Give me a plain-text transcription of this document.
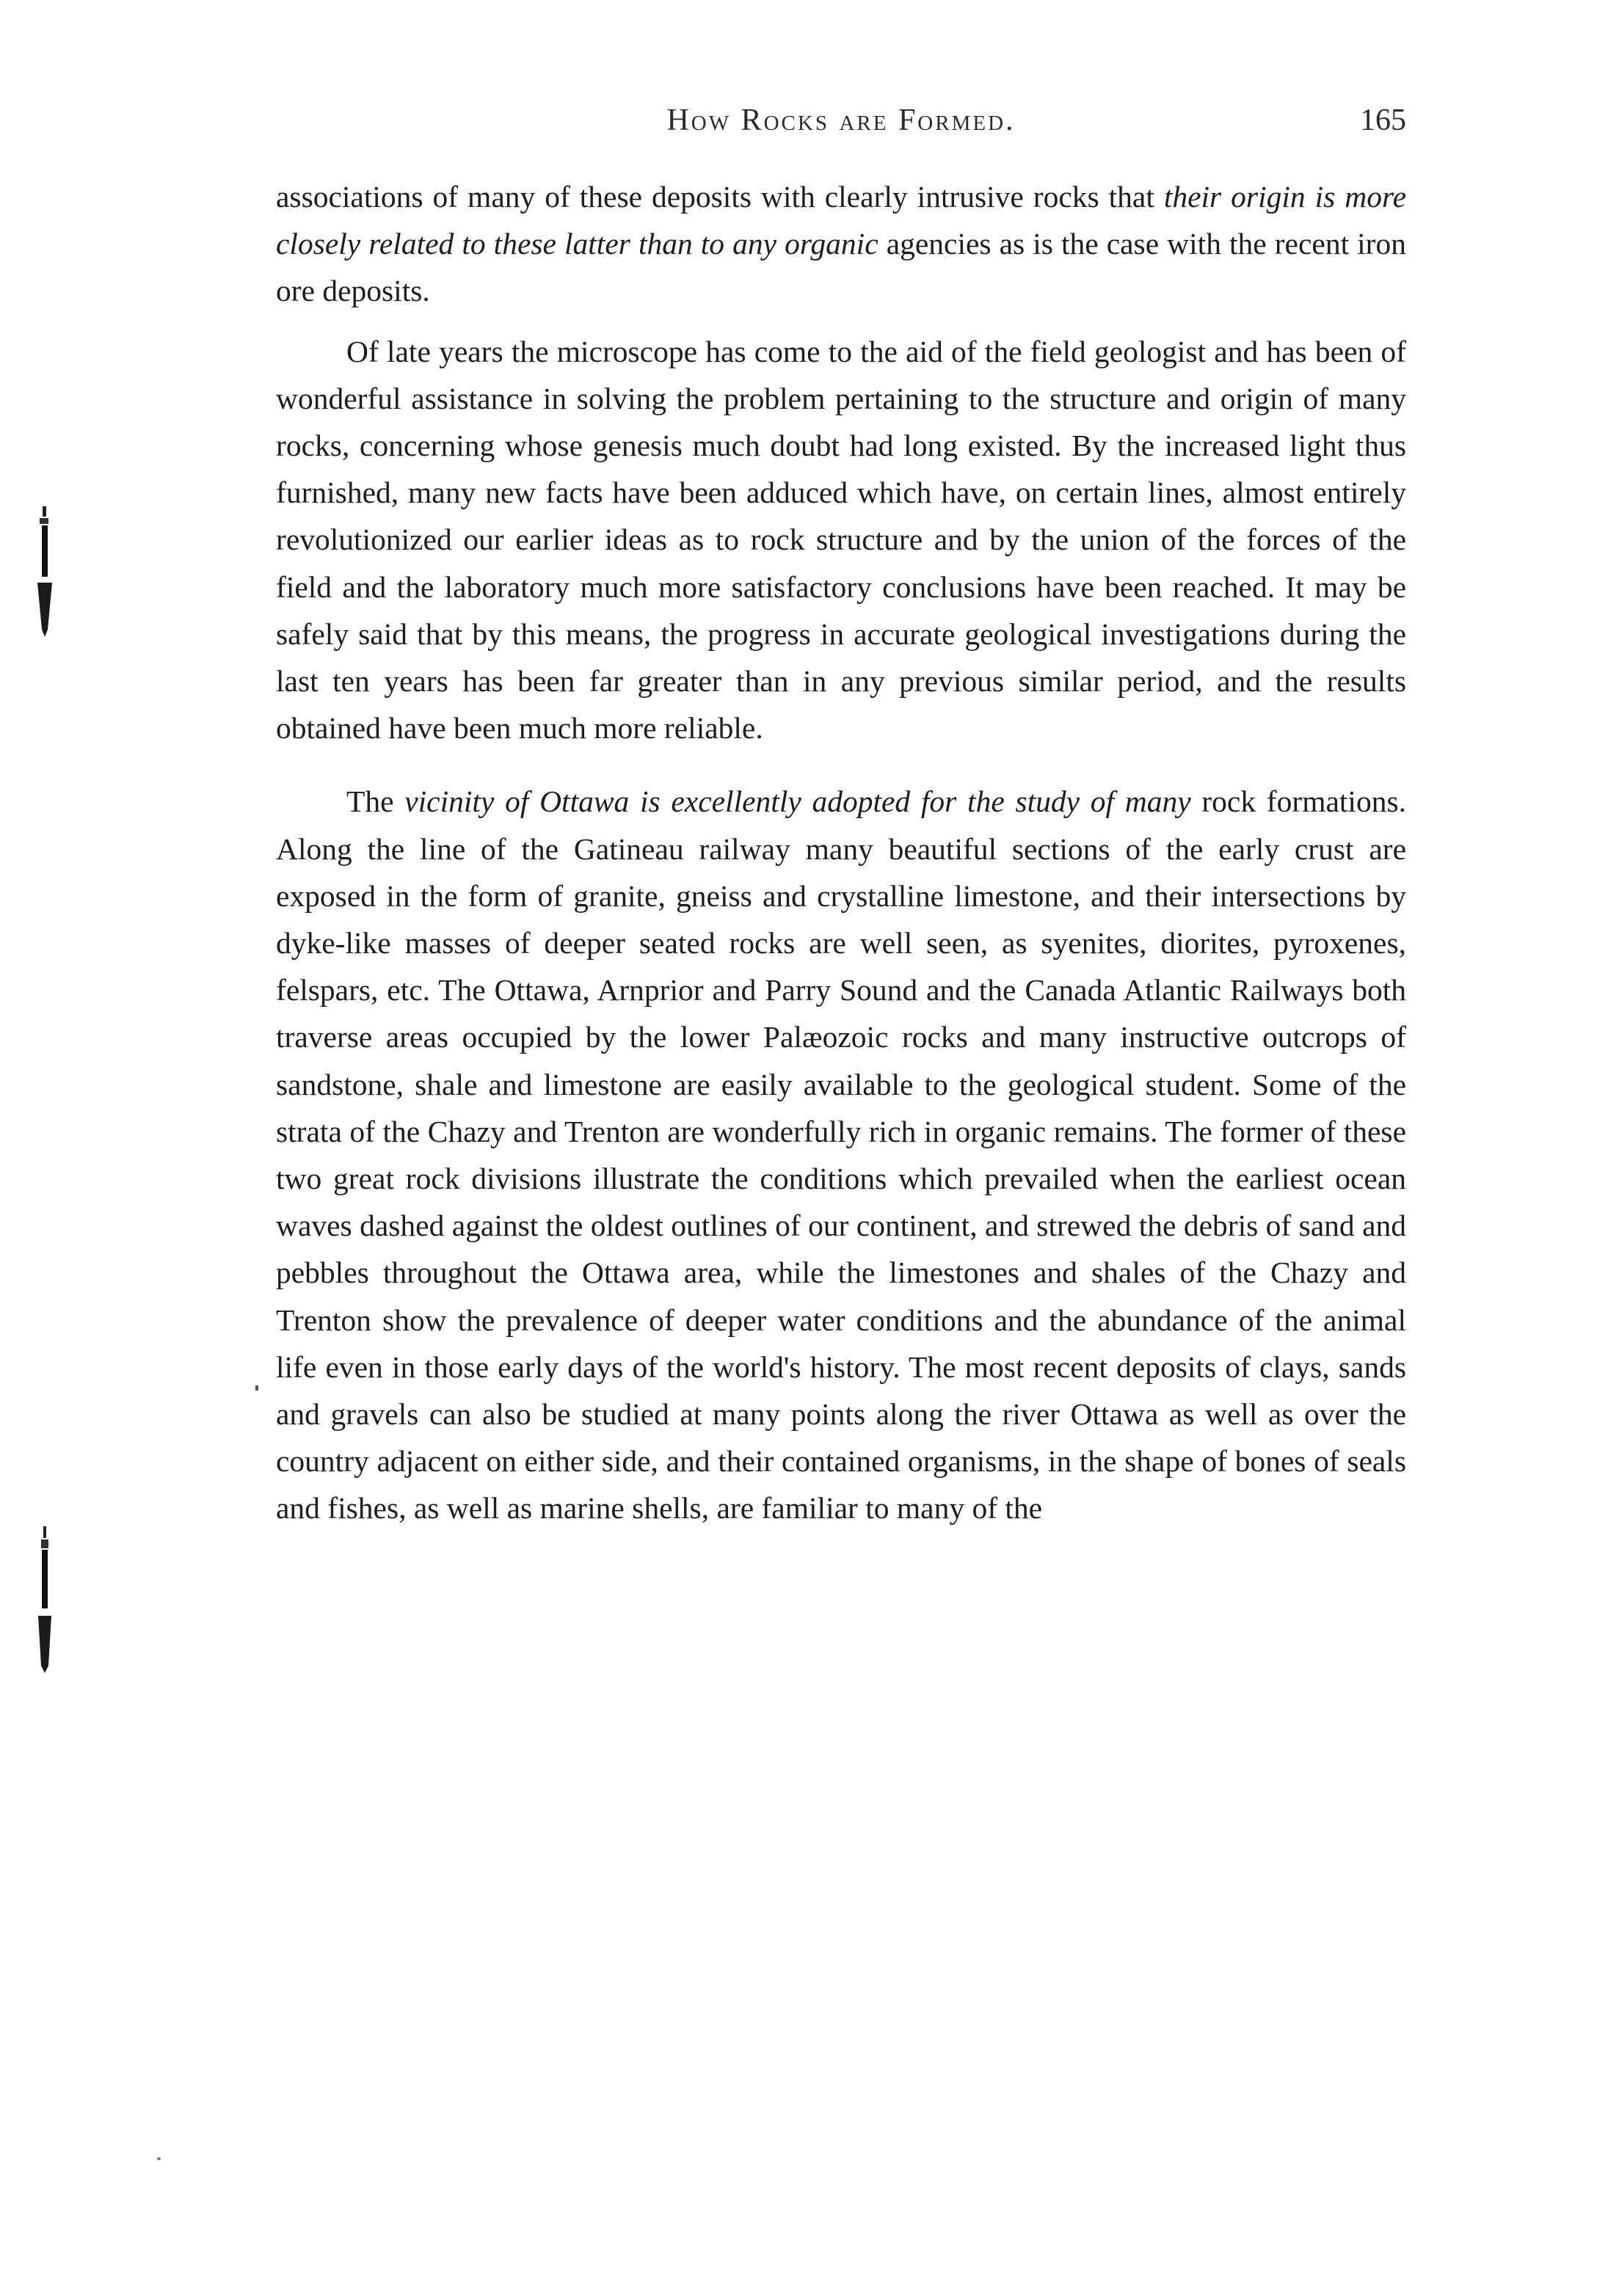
How Rocks are Formed.	165

associations of many of these deposits with clearly intrusive rocks that their origin is more closely related to these latter than to any organic agencies as is the case with the recent iron ore deposits.

Of late years the microscope has come to the aid of the field geologist and has been of wonderful assistance in solving the problem pertaining to the structure and origin of many rocks, concerning whose genesis much doubt had long existed. By the increased light thus furnished, many new facts have been adduced which have, on certain lines, almost entirely revolutionized our earlier ideas as to rock structure and by the union of the forces of the field and the laboratory much more satisfactory conclusions have been reached. It may be safely said that by this means, the progress in accurate geological investigations during the last ten years has been far greater than in any previous similar period, and the results obtained have been much more reliable.

The vicinity of Ottawa is excellently adopted for the study of many rock formations. Along the line of the Gatineau railway many beautiful sections of the early crust are exposed in the form of granite, gneiss and crystalline limestone, and their intersections by dyke-like masses of deeper seated rocks are well seen, as syenites, diorites, pyroxenes, felspars, etc. The Ottawa, Arnprior and Parry Sound and the Canada Atlantic Railways both traverse areas occupied by the lower Palæozoic rocks and many instructive outcrops of sandstone, shale and limestone are easily available to the geological student. Some of the strata of the Chazy and Trenton are wonderfully rich in organic remains. The former of these two great rock divisions illustrate the conditions which prevailed when the earliest ocean waves dashed against the oldest outlines of our continent, and strewed the debris of sand and pebbles throughout the Ottawa area, while the limestones and shales of the Chazy and Trenton show the prevalence of deeper water conditions and the abundance of the animal life even in those early days of the world's history. The most recent deposits of clays, sands and gravels can also be studied at many points along the river Ottawa as well as over the country adjacent on either side, and their contained organisms, in the shape of bones of seals and fishes, as well as marine shells, are familiar to many of the
